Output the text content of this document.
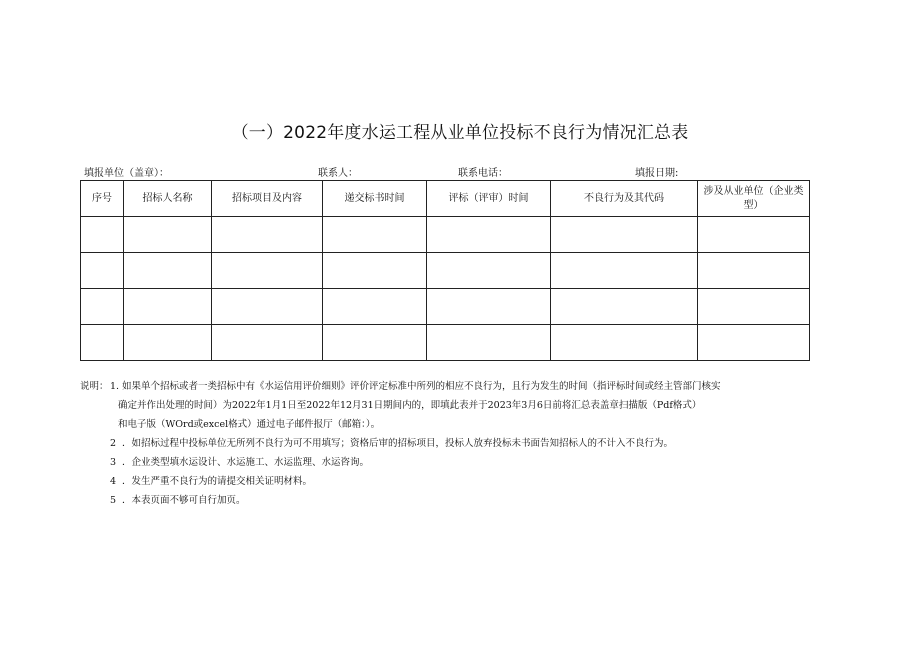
（一）2022年度水运工程从业单位投标不良行为情况汇总表
填报单位（盖章）：	联系人：	联系电话：	填报日期:
序号	招标人名称	招标项目及内容	递交标书时间	评标（评审）时间	不良行为及其代码	涉及从业单位（企业类型）

说明： 1. 如果单个招标或者一类招标中有《水运信用评价细则》评价评定标准中所列的相应不良行为，且行为发生的时间（指评标时间或经主管部门核实
确定并作出处理的时间）为2022年1月1日至2022年12月31日期间内的，即填此表并于2023年3月6日前将汇总表盖章扫描版（Pdf格式）
和电子版（WOrd或excel格式）通过电子邮件报厅（邮箱：）。
2 ．如招标过程中投标单位无所列不良行为可不用填写；资格后审的招标项目，投标人放弃投标未书面告知招标人的不计入不良行为。
3 ．企业类型填水运设计、水运施工、水运监理、水运咨询。
4 ．发生严重不良行为的请提交相关证明材料。
5 ．本表页面不够可自行加页。
